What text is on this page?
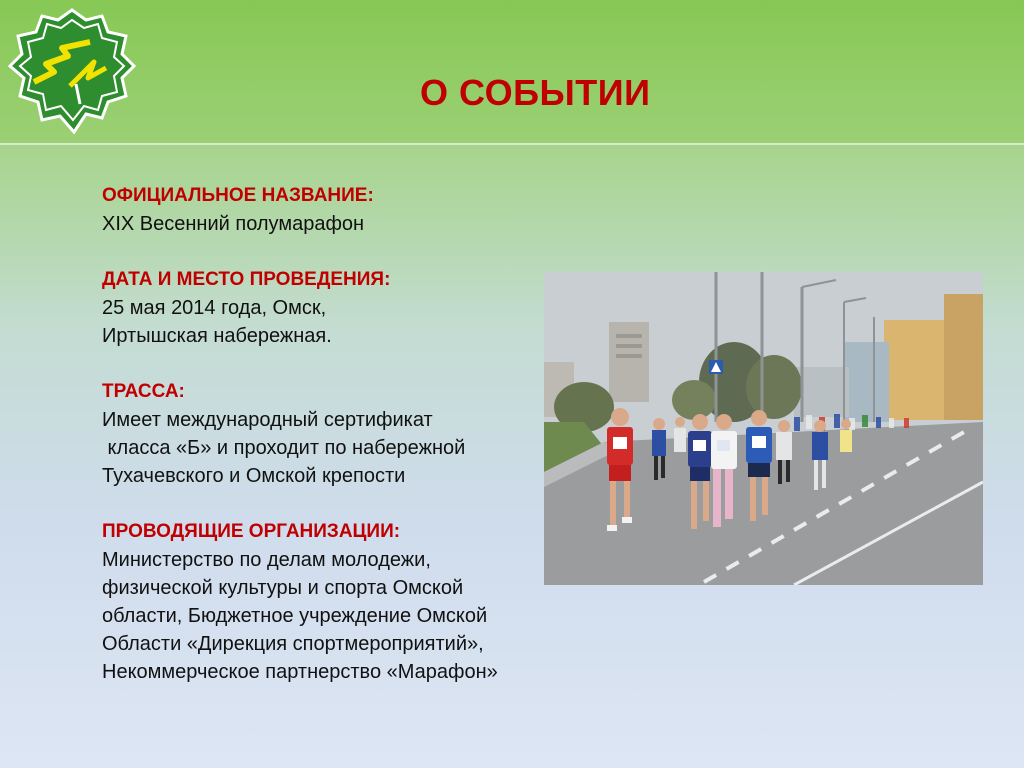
О СОБЫТИИ
ОФИЦИАЛЬНОЕ НАЗВАНИЕ:
XIX Весенний полумарафон
ДАТА И МЕСТО ПРОВЕДЕНИЯ:
25 мая 2014 года, Омск,
Иртышская набережная.
ТРАССА:
Имеет международный сертификат
класса «Б» и проходит по набережной
Тухачевского и Омской крепости
ПРОВОДЯЩИЕ ОРГАНИЗАЦИИ:
Министерство по делам молодежи,
физической культуры и спорта Омской
области, Бюджетное учреждение Омской
Области «Дирекция спортмероприятий»,
Некоммерческое партнерство «Марафон»
